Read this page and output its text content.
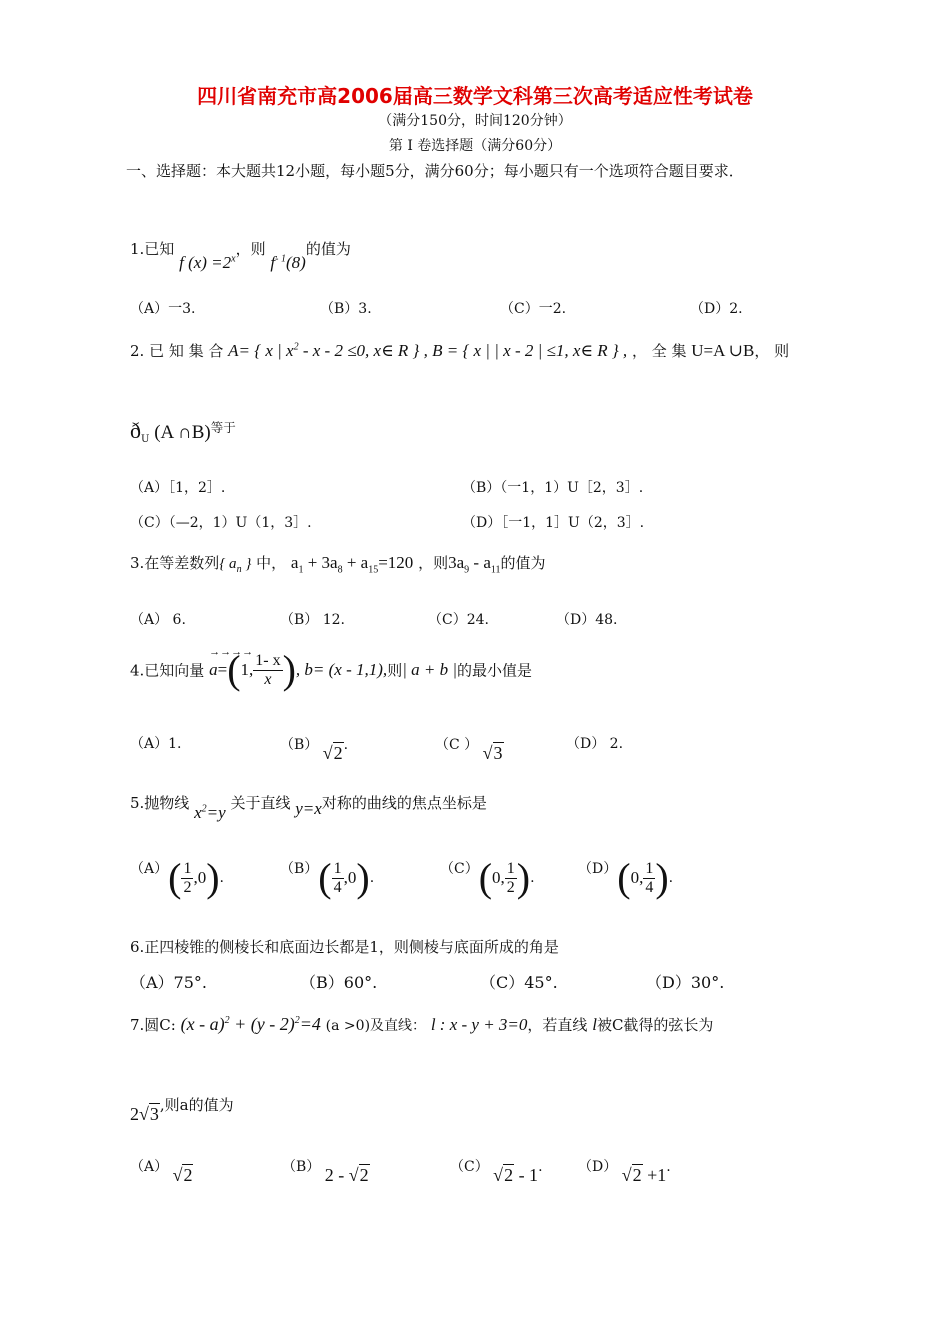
四川省南充市高2006届高三数学文科第三次高考适应性考试卷
（满分150分，时间120分钟）
第 I 卷选择题（满分60分）
一、选择题：本大题共12小题，每小题5分，满分60分；每小题只有一个选项符合题目要求．
1.已知 f $(x) =2^x$，则 $f^{- 1}(8)$的值为
（A）一3.	（B）3.	（C）一2.	（D）2.
2. 已 知 集 合 A= { x | $x^2 - x - 2 \le 0$, x∈ R } , B = { x | | x - 2 | ≤1, x∈ R } , ， 全 集 U=A ∪B， 则
$ð_U$ (A ∩B)$^{等于}$
（A）［1，2］.	（B）（一1，1）U［2，3］.
（C）（—2，1）U（1，3］.	（D）［一1，1］U（2，3］.
3.在等差数列{ $a_n$ } 中， $a_1 + 3a_8 + a_{15}=120$ ，则$3a_9 - a_{11}$的值为
（A） 6.	（B） 12.	（C）24.	（D）48.
4.已知向量
→→→→
a=(1, $\frac{1- x}{x}$ ), b= (x - 1,1),则| a + b |的最小值是
（A）1.	（B） √2.	（C ） √3	（D） 2.
5.抛物线 $x^2=y$ 关于直线 y=x对称的曲线的焦点坐标是
$(A)( \frac{1}{2} ,0)$.
$(B)( \frac{1}{4} ,0)$.
（C）(0, $\frac{1}{2}$ ).
（D）(0, $\frac{1}{4}$ ).
6.正四棱锥的侧棱长和底面边长都是1，则侧棱与底面所成的角是
（A）75°.	（B）60°.	（C）45°.	（D）30°.
7.圆C: (x - a)$^2$ + (y - 2)$^2$=4 (a >0)及直线： l : x - y + 3=0，若直线 l被C截得的弦长为
2√3,则a的值为
（A） √2	（B） 2 - √2	（C） √2 - 1.	（D） √2 +1.
